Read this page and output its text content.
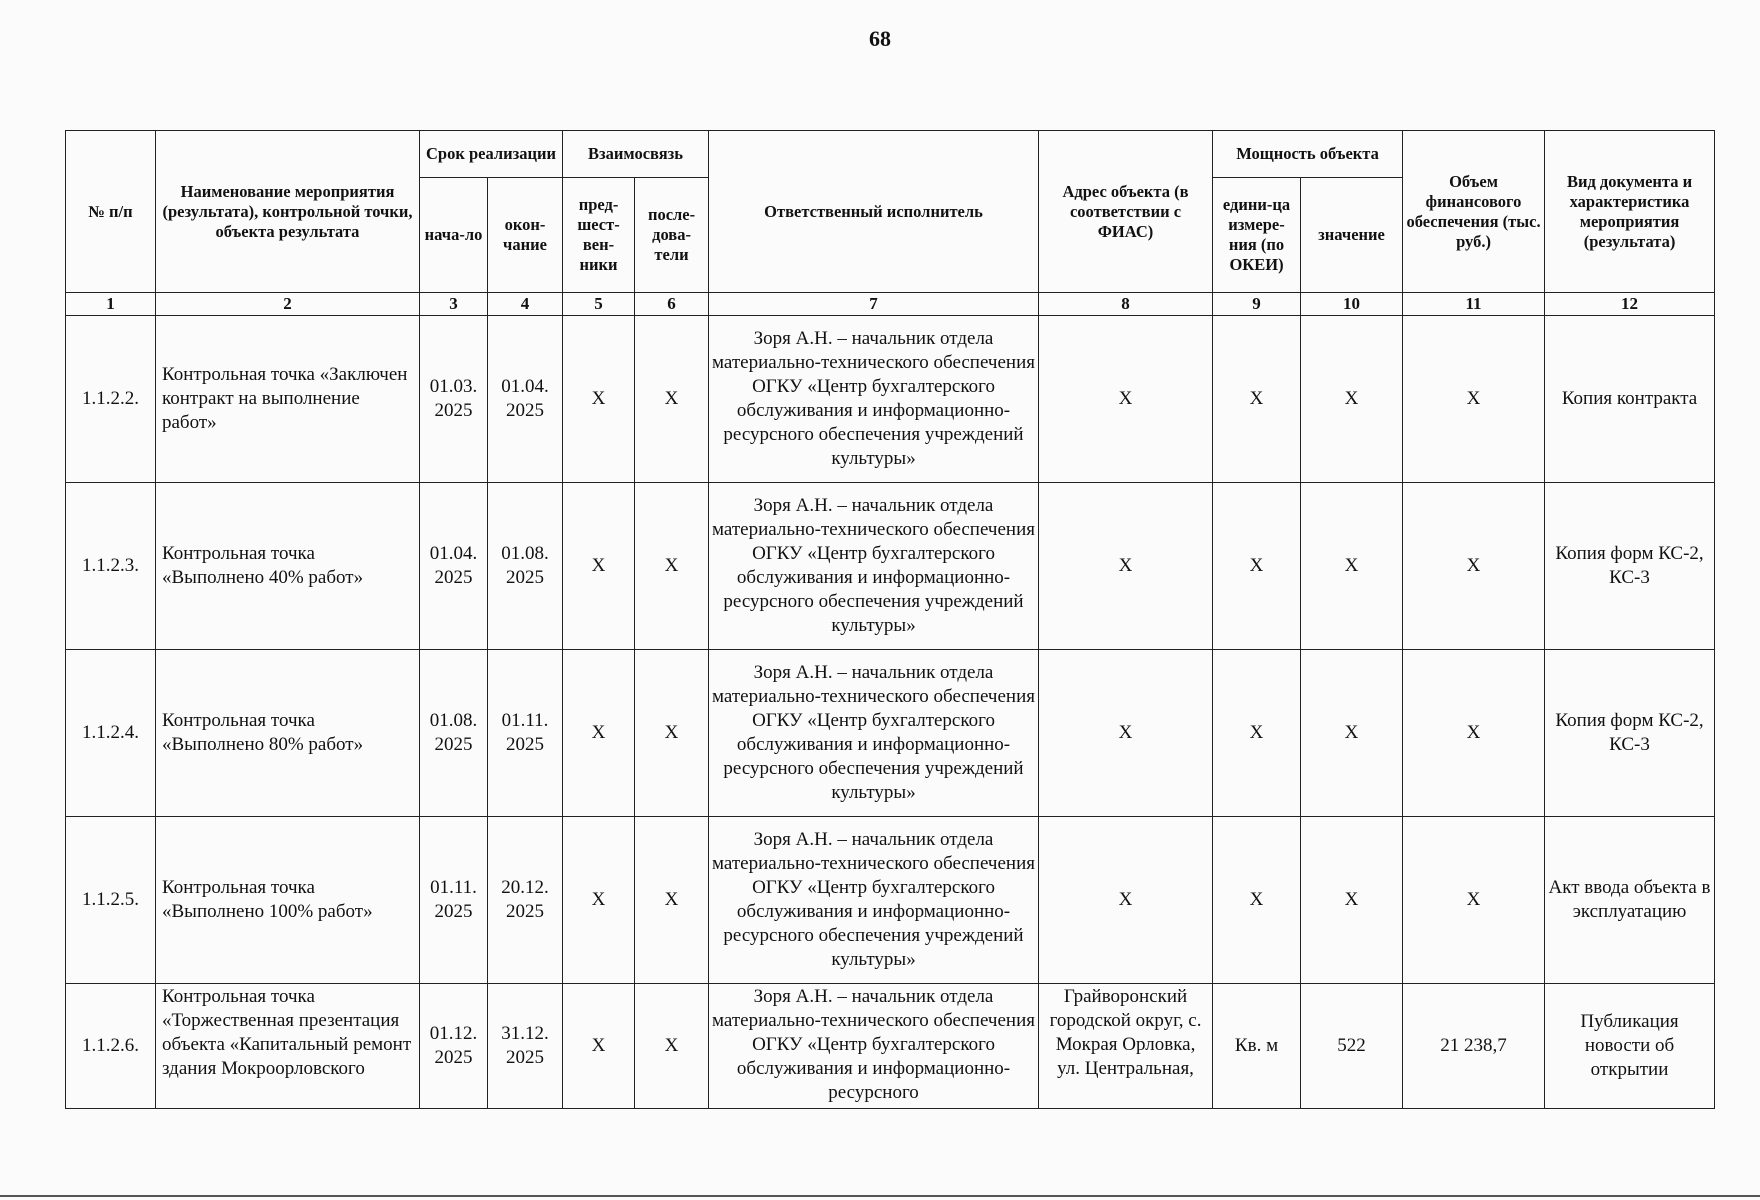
68
№ п/п	Наименование мероприятия (результата), контрольной точки, объекта результата	Срок реализации		Взаимосвязь		Ответственный исполнитель	Адрес объекта (в соответствии с ФИАС)	Мощность объекта		Объем финансового обеспечения (тыс. руб.)	Вид документа и характеристика мероприятия (результата)
		нача-ло	окон-чание	пред-шест-вен-ники	после-дова-тели			едини-ца измере-ния (по ОКЕИ)	значение		
1	2	3	4	5	6	7	8	9	10	11	12
1.1.2.2.	Контрольная точка «Заключен контракт на выполнение работ»	01.03. 2025	01.04. 2025	X	X	Зоря А.Н. – начальник отдела материально-технического обеспечения ОГКУ «Центр бухгалтерского обслуживания и информационно-ресурсного обеспечения учреждений культуры»	X	X	X	X	Копия контракта
1.1.2.3.	Контрольная точка «Выполнено 40% работ»	01.04. 2025	01.08. 2025	X	X	Зоря А.Н. – начальник отдела материально-технического обеспечения ОГКУ «Центр бухгалтерского обслуживания и информационно-ресурсного обеспечения учреждений культуры»	X	X	X	X	Копия форм КС-2, КС-3
1.1.2.4.	Контрольная точка «Выполнено 80% работ»	01.08. 2025	01.11. 2025	X	X	Зоря А.Н. – начальник отдела материально-технического обеспечения ОГКУ «Центр бухгалтерского обслуживания и информационно-ресурсного обеспечения учреждений культуры»	X	X	X	X	Копия форм КС-2, КС-3
1.1.2.5.	Контрольная точка «Выполнено 100% работ»	01.11. 2025	20.12. 2025	X	X	Зоря А.Н. – начальник отдела материально-технического обеспечения ОГКУ «Центр бухгалтерского обслуживания и информационно-ресурсного обеспечения учреждений культуры»	X	X	X	X	Акт ввода объекта в эксплуатацию
1.1.2.6.	Контрольная точка «Торжественная презентация объекта «Капитальный ремонт здания Мокроорловского	01.12. 2025	31.12. 2025	X	X	Зоря А.Н. – начальник отдела материально-технического обеспечения ОГКУ «Центр бухгалтерского обслуживания и информационно-ресурсного	Грайворонский городской округ, с. Мокрая Орловка, ул. Центральная,	Кв. м	522	21 238,7	Публикация новости об открытии
